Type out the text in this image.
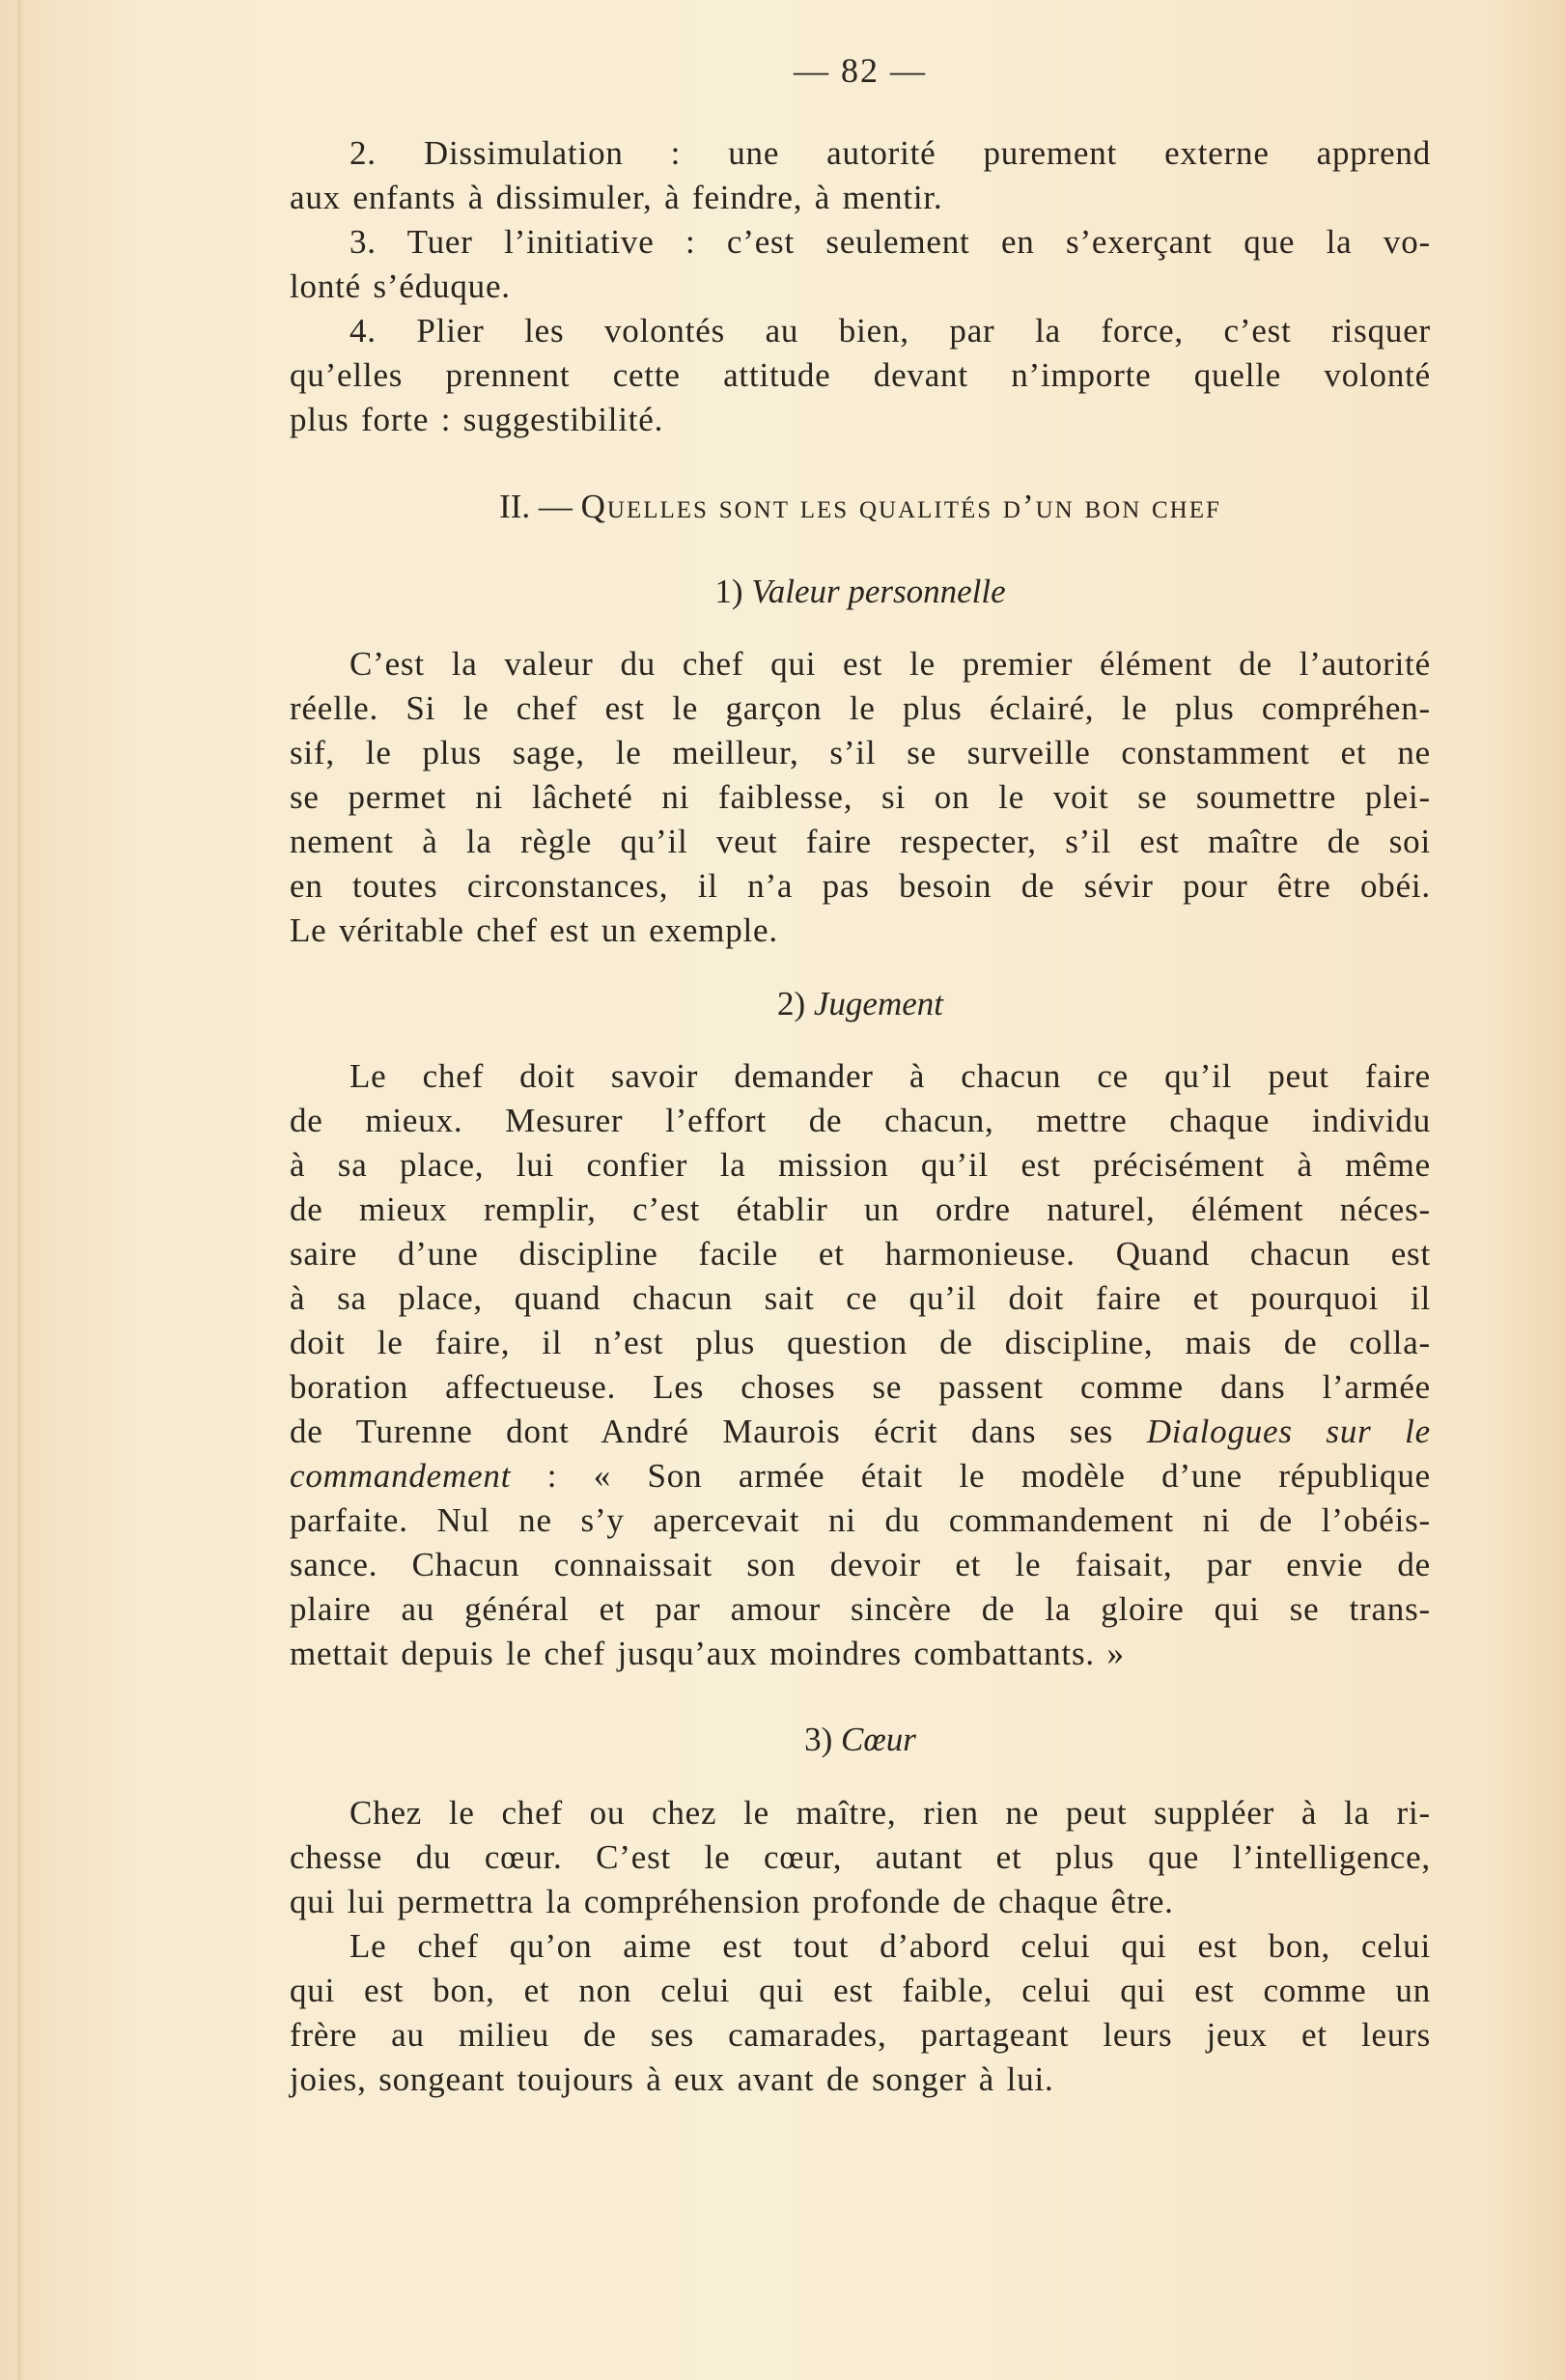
— 82 —
2. Dissimulation : une autorité purement externe apprend
aux enfants à dissimuler, à feindre, à mentir.
3. Tuer l’initiative : c’est seulement en s’exerçant que la vo-
lonté s’éduque.
4. Plier les volontés au bien, par la force, c’est risquer
qu’elles prennent cette attitude devant n’importe quelle volonté
plus forte : suggestibilité.
II. — Quelles sont les qualités d’un bon chef
1) Valeur personnelle
C’est la valeur du chef qui est le premier élément de l’autorité
réelle. Si le chef est le garçon le plus éclairé, le plus compréhen-
sif, le plus sage, le meilleur, s’il se surveille constamment et ne
se permet ni lâcheté ni faiblesse, si on le voit se soumettre plei-
nement à la règle qu’il veut faire respecter, s’il est maître de soi
en toutes circonstances, il n’a pas besoin de sévir pour être obéi.
Le véritable chef est un exemple.
2) Jugement
Le chef doit savoir demander à chacun ce qu’il peut faire
de mieux. Mesurer l’effort de chacun, mettre chaque individu
à sa place, lui confier la mission qu’il est précisément à même
de mieux remplir, c’est établir un ordre naturel, élément néces-
saire d’une discipline facile et harmonieuse. Quand chacun est
à sa place, quand chacun sait ce qu’il doit faire et pourquoi il
doit le faire, il n’est plus question de discipline, mais de colla-
boration affectueuse. Les choses se passent comme dans l’armée
de Turenne dont André Maurois écrit dans ses Dialogues sur le
commandement : « Son armée était le modèle d’une république
parfaite. Nul ne s’y apercevait ni du commandement ni de l’obéis-
sance. Chacun connaissait son devoir et le faisait, par envie de
plaire au général et par amour sincère de la gloire qui se trans-
mettait depuis le chef jusqu’aux moindres combattants. »
3) Cœur
Chez le chef ou chez le maître, rien ne peut suppléer à la ri-
chesse du cœur. C’est le cœur, autant et plus que l’intelligence,
qui lui permettra la compréhension profonde de chaque être.
Le chef qu’on aime est tout d’abord celui qui est bon, celui
qui est bon, et non celui qui est faible, celui qui est comme un
frère au milieu de ses camarades, partageant leurs jeux et leurs
joies, songeant toujours à eux avant de songer à lui.
